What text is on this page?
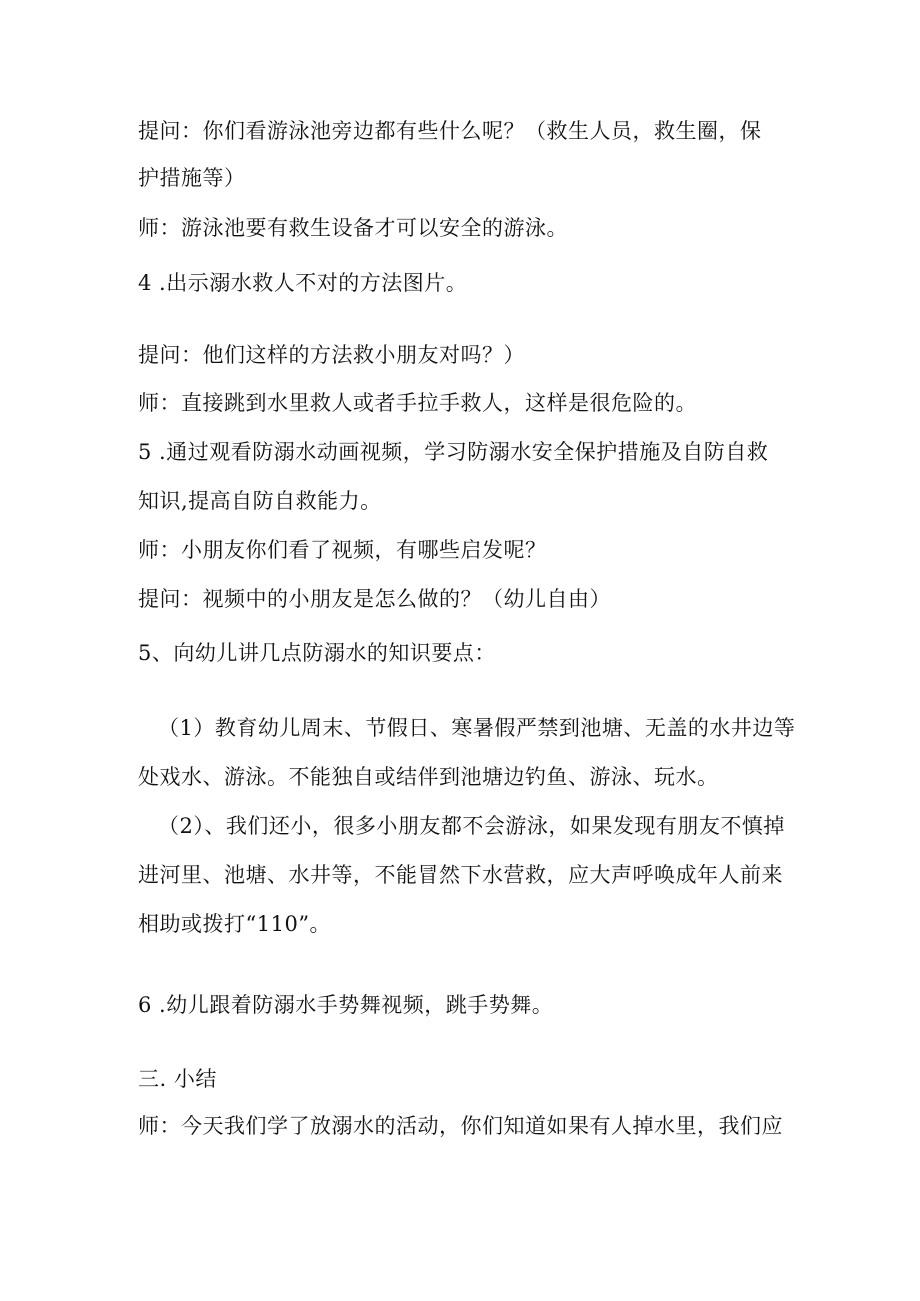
提问：你们看游泳池旁边都有些什么呢？（救生人员，救生圈，保
护措施等）
师：游泳池要有救生设备才可以安全的游泳。
4 .出示溺水救人不对的方法图片。
提问：他们这样的方法救小朋友对吗？）
师：直接跳到水里救人或者手拉手救人，这样是很危险的。
5 .通过观看防溺水动画视频，学习防溺水安全保护措施及自防自救
知识,提高自防自救能力。
师：小朋友你们看了视频，有哪些启发呢？
提问：视频中的小朋友是怎么做的？（幼儿自由）
5、向幼儿讲几点防溺水的知识要点：
（1）教育幼儿周末、节假日、寒暑假严禁到池塘、无盖的水井边等
处戏水、游泳。不能独自或结伴到池塘边钓鱼、游泳、玩水。
（2）、我们还小，很多小朋友都不会游泳，如果发现有朋友不慎掉
进河里、池塘、水井等，不能冒然下水营救，应大声呼唤成年人前来
相助或拨打“110”。
6 .幼儿跟着防溺水手势舞视频，跳手势舞。
三. 小结
师：今天我们学了放溺水的活动，你们知道如果有人掉水里，我们应
